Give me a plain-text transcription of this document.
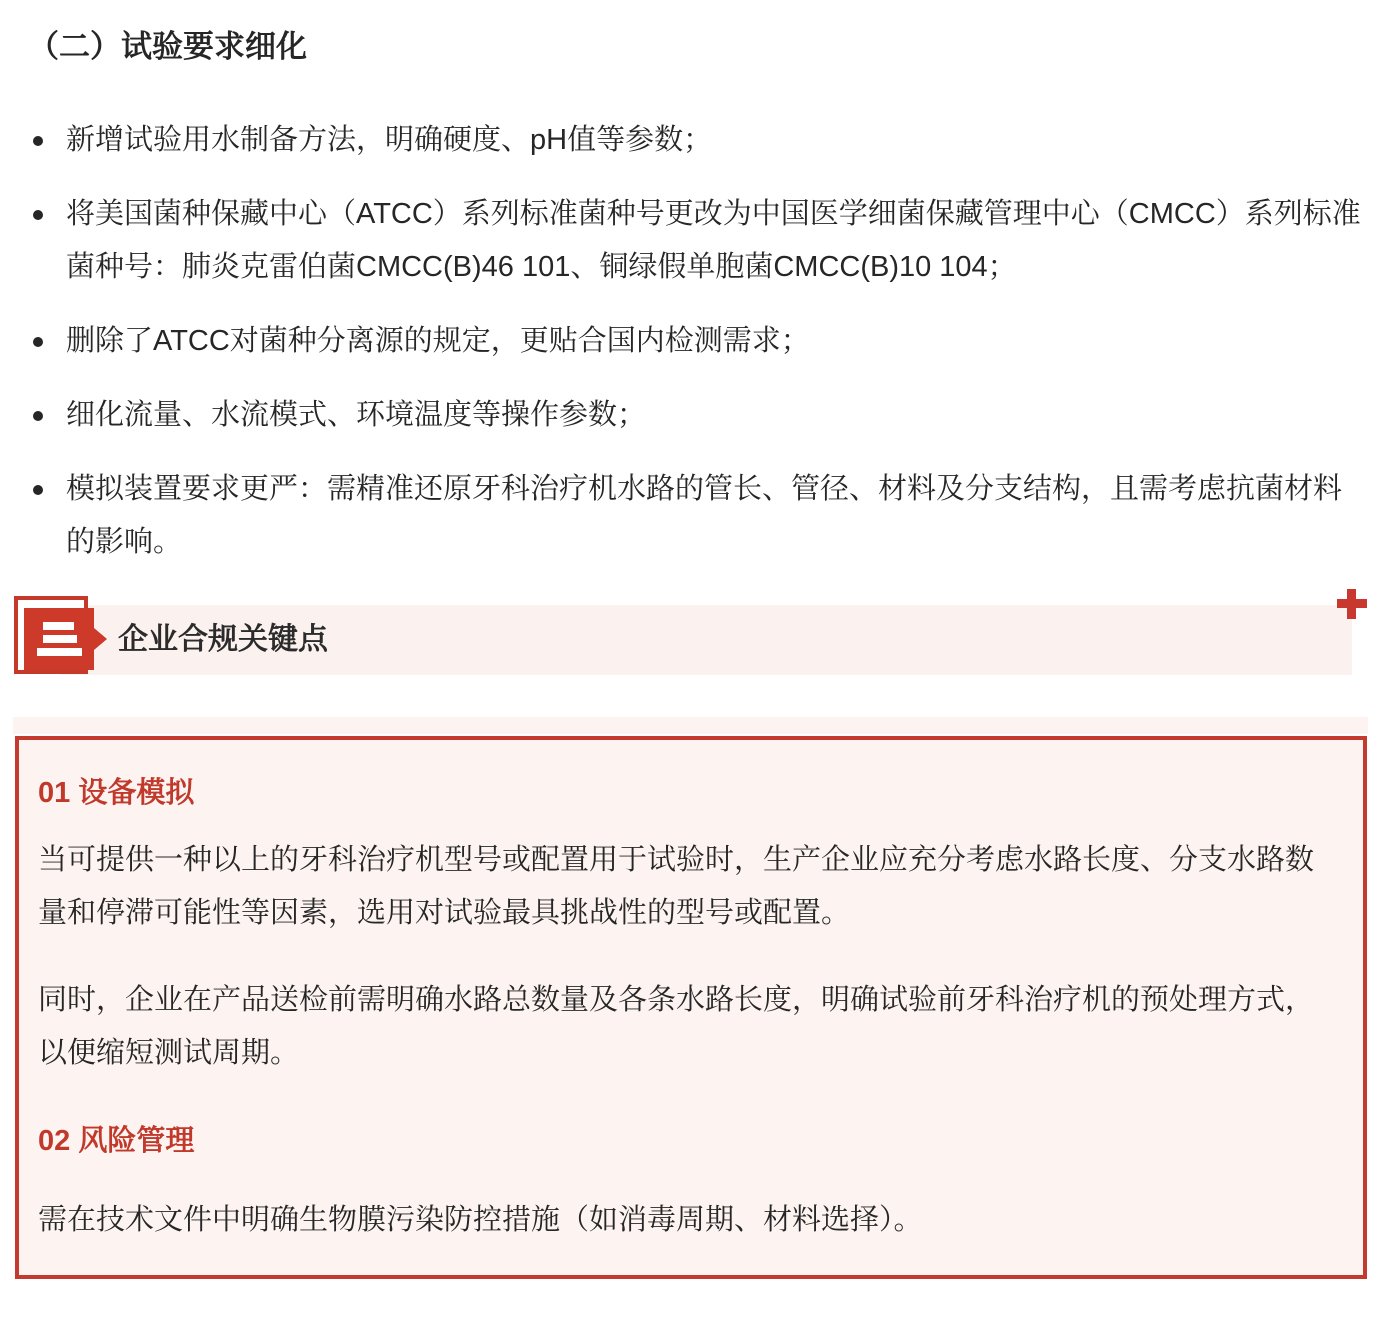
（二）试验要求细化
新增试验用水制备方法，明确硬度、pH值等参数；
将美国菌种保藏中心（ATCC）系列标准菌种号更改为中国医学细菌保藏管理中心（CMCC）系列标准菌种号：肺炎克雷伯菌CMCC(B)46 101、铜绿假单胞菌CMCC(B)10 104；
删除了ATCC对菌种分离源的规定，更贴合国内检测需求；
细化流量、水流模式、环境温度等操作参数；
模拟装置要求更严：需精准还原牙科治疗机水路的管长、管径、材料及分支结构，且需考虑抗菌材料的影响。
企业合规关键点
01 设备模拟

当可提供一种以上的牙科治疗机型号或配置用于试验时，生产企业应充分考虑水路长度、分支水路数量和停滞可能性等因素，选用对试验最具挑战性的型号或配置。

同时，企业在产品送检前需明确水路总数量及各条水路长度，明确试验前牙科治疗机的预处理方式，以便缩短测试周期。

02 风险管理

需在技术文件中明确生物膜污染防控措施（如消毒周期、材料选择）。
